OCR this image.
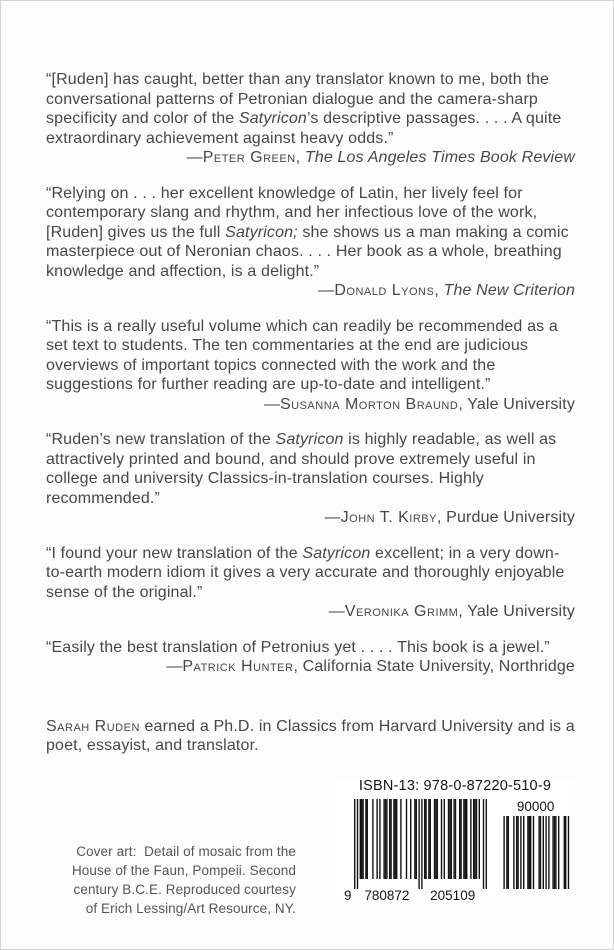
“[Ruden] has caught, better than any translator known to me, both the conversational patterns of Petronian dialogue and the camera-sharp specificity and color of the Satyricon’s descriptive passages. . . . A quite extraordinary achievement against heavy odds.”
—Peter Green, The Los Angeles Times Book Review
“Relying on . . . her excellent knowledge of Latin, her lively feel for contemporary slang and rhythm, and her infectious love of the work, [Ruden] gives us the full Satyricon; she shows us a man making a comic masterpiece out of Neronian chaos. . . . Her book as a whole, breathing knowledge and affection, is a delight.”
—Donald Lyons, The New Criterion
“This is a really useful volume which can readily be recommended as a set text to students. The ten commentaries at the end are judicious overviews of important topics connected with the work and the suggestions for further reading are up-to-date and intelligent.”
—Susanna Morton Braund, Yale University
“Ruden’s new translation of the Satyricon is highly readable, as well as attractively printed and bound, and should prove extremely useful in college and university Classics-in-translation courses. Highly recommended.”
—John T. Kirby, Purdue University
“I found your new translation of the Satyricon excellent; in a very down-to-earth modern idiom it gives a very accurate and thoroughly enjoyable sense of the original.”
—Veronika Grimm, Yale University
“Easily the best translation of Petronius yet . . . . This book is a jewel.”
—Patrick Hunter, California State University, Northridge

Sarah Ruden earned a Ph.D. in Classics from Harvard University and is a poet, essayist, and translator.

Cover art:  Detail of mosaic from the
House of the Faun, Pompeii. Second
century B.C.E. Reproduced courtesy
of Erich Lessing/Art Resource, NY.
ISBN-13: 978-0-87220-510-9
9 780872 205109
90000
